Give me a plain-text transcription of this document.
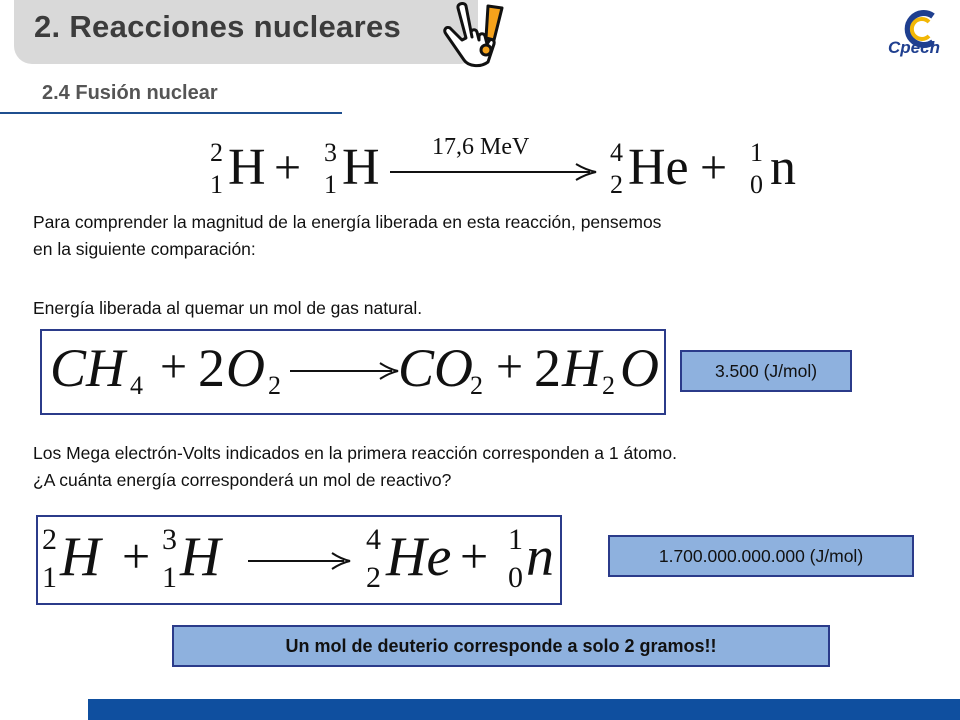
2. Reacciones nucleares
Cpech
2.4 Fusión nuclear
2
1 H + 3
1 H 17,6 MeV	4
2 He + 1
0 n
Para comprender la magnitud de la energía liberada en esta reacción, pensemos
en la siguiente comparación:
Energía liberada al quemar un mol de gas natural.
CH 4 + 2 O 2 CO
2 + 2 H 2 O	3.500 (J/mol)
Los Mega electrón-Volts indicados en la primera reacción corresponden a 1 átomo.
¿A cuánta energía corresponderá un mol de reactivo?
2
1 H + 3
1 H	4
2 He + 1
0 n	1.700.000.000.000 (J/mol)
Un mol de deuterio corresponde a solo 2 gramos!!
